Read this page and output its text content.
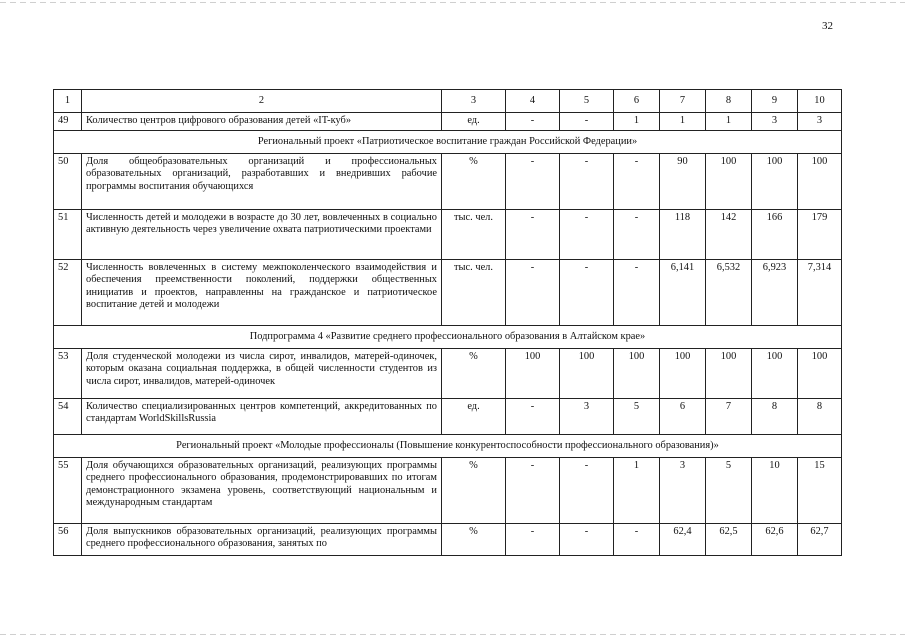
32
1	2	3	4	5	6	7	8	9	10
49	Количество центров цифрового образования детей «IT-куб»	ед.	-	-	1	1	1	3	3
Региональный проект «Патриотическое воспитание граждан Российской Федерации»									
50	Доля общеобразовательных организаций и профессиональных образовательных организаций, разработавших и внедривших рабочие программы воспитания обучающихся	%	-	-	-	90	100	100	100
51	Численность детей и молодежи в возрасте до 30 лет, вовлеченных в социально активную деятельность через увеличение охвата патриотическими проектами	тыс. чел.	-	-	-	118	142	166	179
52	Численность вовлеченных в систему межпоколенческого взаимодействия и обеспечения преемственности поколений, поддержки общественных инициатив и проектов, направленны на гражданское и патриотическое воспитание детей и молодежи	тыс. чел.	-	-	-	6,141	6,532	6,923	7,314
Подпрограмма 4 «Развитие среднего профессионального образования в Алтайском крае»									
53	Доля студенческой молодежи из числа сирот, инвалидов, матерей-одиночек, которым оказана социальная поддержка, в общей численности студентов из числа сирот, инвалидов, матерей-одиночек	%	100	100	100	100	100	100	100
54	Количество специализированных центров компетенций, аккредитованных по стандартам WorldSkillsRussia	ед.	-	3	5	6	7	8	8
Региональный проект «Молодые профессионалы (Повышение конкурентоспособности профессионального образования)»									
55	Доля обучающихся образовательных организаций, реализующих программы среднего профессионального образования, продемонстрировавших по итогам демонстрационного экзамена уровень, соответствующий национальным и международным стандартам	%	-	-	1	3	5	10	15
56	Доля выпускников образовательных организаций, реализующих программы среднего профессионального образования, занятых по	%	-	-	-	62,4	62,5	62,6	62,7
